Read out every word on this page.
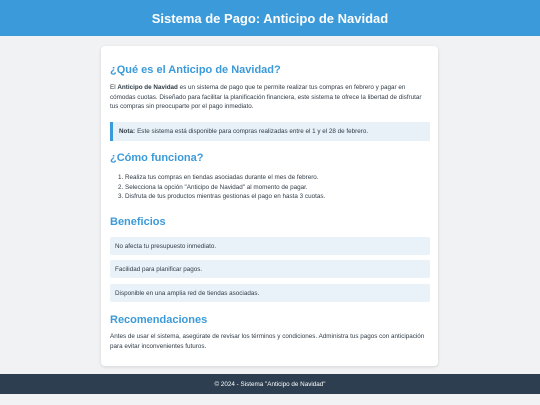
Sistema de Pago: Anticipo de Navidad
¿Qué es el Anticipo de Navidad?

El Anticipo de Navidad es un sistema de pago que te permite realizar tus compras en febrero y pagar en cómodas cuotas. Diseñado para facilitar la planificación financiera, este sistema te ofrece la libertad de disfrutar tus compras sin preocuparte por el pago inmediato.

Nota: Este sistema está disponible para compras realizadas entre el 1 y el 28 de febrero.
¿Cómo funciona?
1. Realiza tus compras en tiendas asociadas durante el mes de febrero.
2. Selecciona la opción "Anticipo de Navidad" al momento de pagar.
3. Disfruta de tus productos mientras gestionas el pago en hasta 3 cuotas.
Beneficios
No afecta tu presupuesto inmediato.
Facilidad para planificar pagos.
Disponible en una amplia red de tiendas asociadas.
Recomendaciones

Antes de usar el sistema, asegúrate de revisar los términos y condiciones. Administra tus pagos con anticipación para evitar inconvenientes futuros.

© 2024 - Sistema "Anticipo de Navidad"
